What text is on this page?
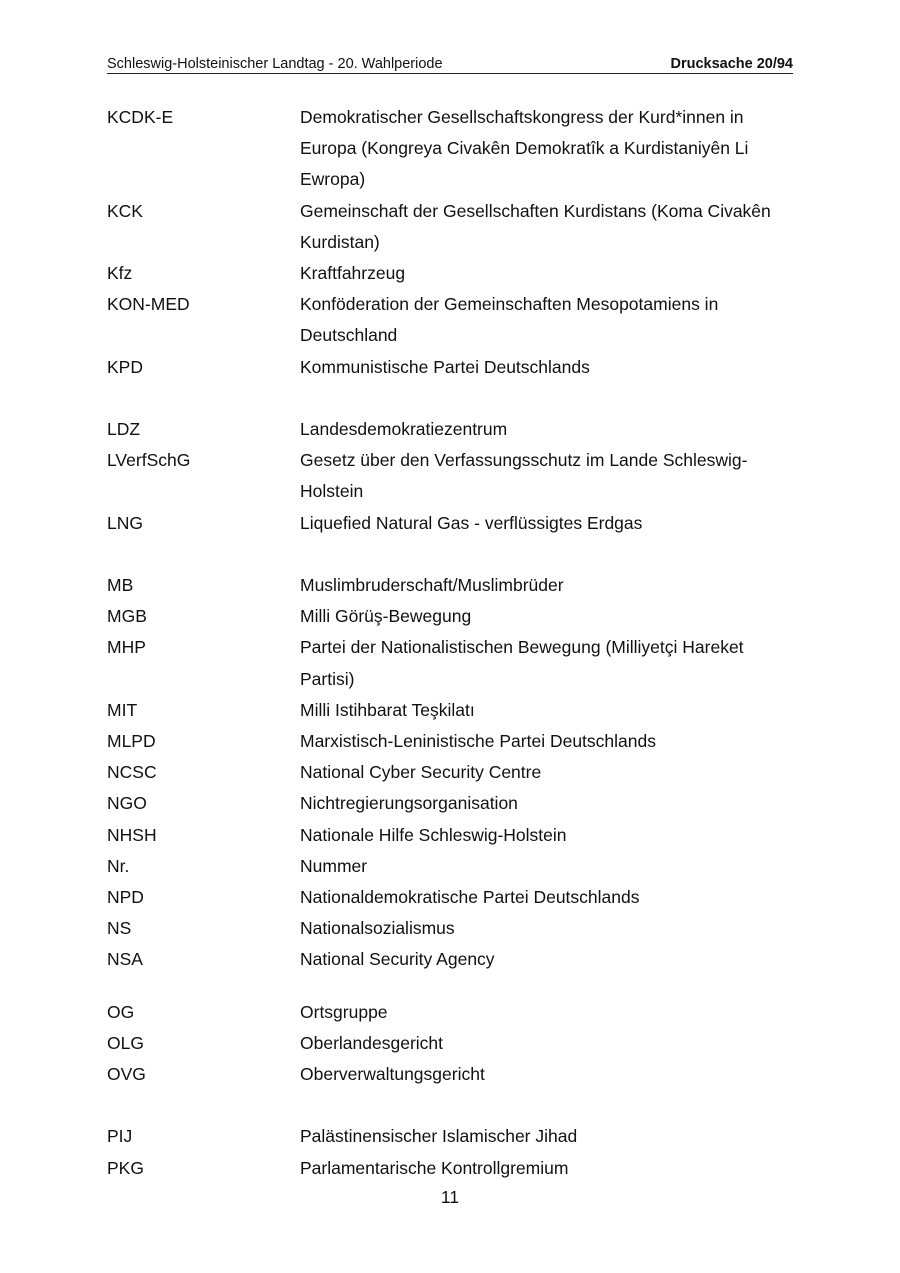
Schleswig-Holsteinischer Landtag - 20. Wahlperiode	Drucksache 20/94
KCDK-E	Demokratischer Gesellschaftskongress der Kurd*innen in Europa (Kongreya Civakên Demokratîk a Kurdistaniyên Li Ewropa)
KCK	Gemeinschaft der Gesellschaften Kurdistans (Koma Civakên Kurdistan)
Kfz	Kraftfahrzeug
KON-MED	Konföderation der Gemeinschaften Mesopotamiens in Deutschland
KPD	Kommunistische Partei Deutschlands
LDZ	Landesdemokratiezentrum
LVerfSchG	Gesetz über den Verfassungsschutz im Lande Schleswig-Holstein
LNG	Liquefied Natural Gas - verflüssigtes Erdgas
MB	Muslimbruderschaft/Muslimbrüder
MGB	Milli Görüş-Bewegung
MHP	Partei der Nationalistischen Bewegung (Milliyetçi Hareket Partisi)
MIT	Milli Istihbarat Teşkilatı
MLPD	Marxistisch-Leninistische Partei Deutschlands
NCSC	National Cyber Security Centre
NGO	Nichtregierungsorganisation
NHSH	Nationale Hilfe Schleswig-Holstein
Nr.	Nummer
NPD	Nationaldemokratische Partei Deutschlands
NS	Nationalsozialismus
NSA	National Security Agency
OG	Ortsgruppe
OLG	Oberlandesgericht
OVG	Oberverwaltungsgericht
PIJ	Palästinensischer Islamischer Jihad
PKG	Parlamentarische Kontrollgremium
11
